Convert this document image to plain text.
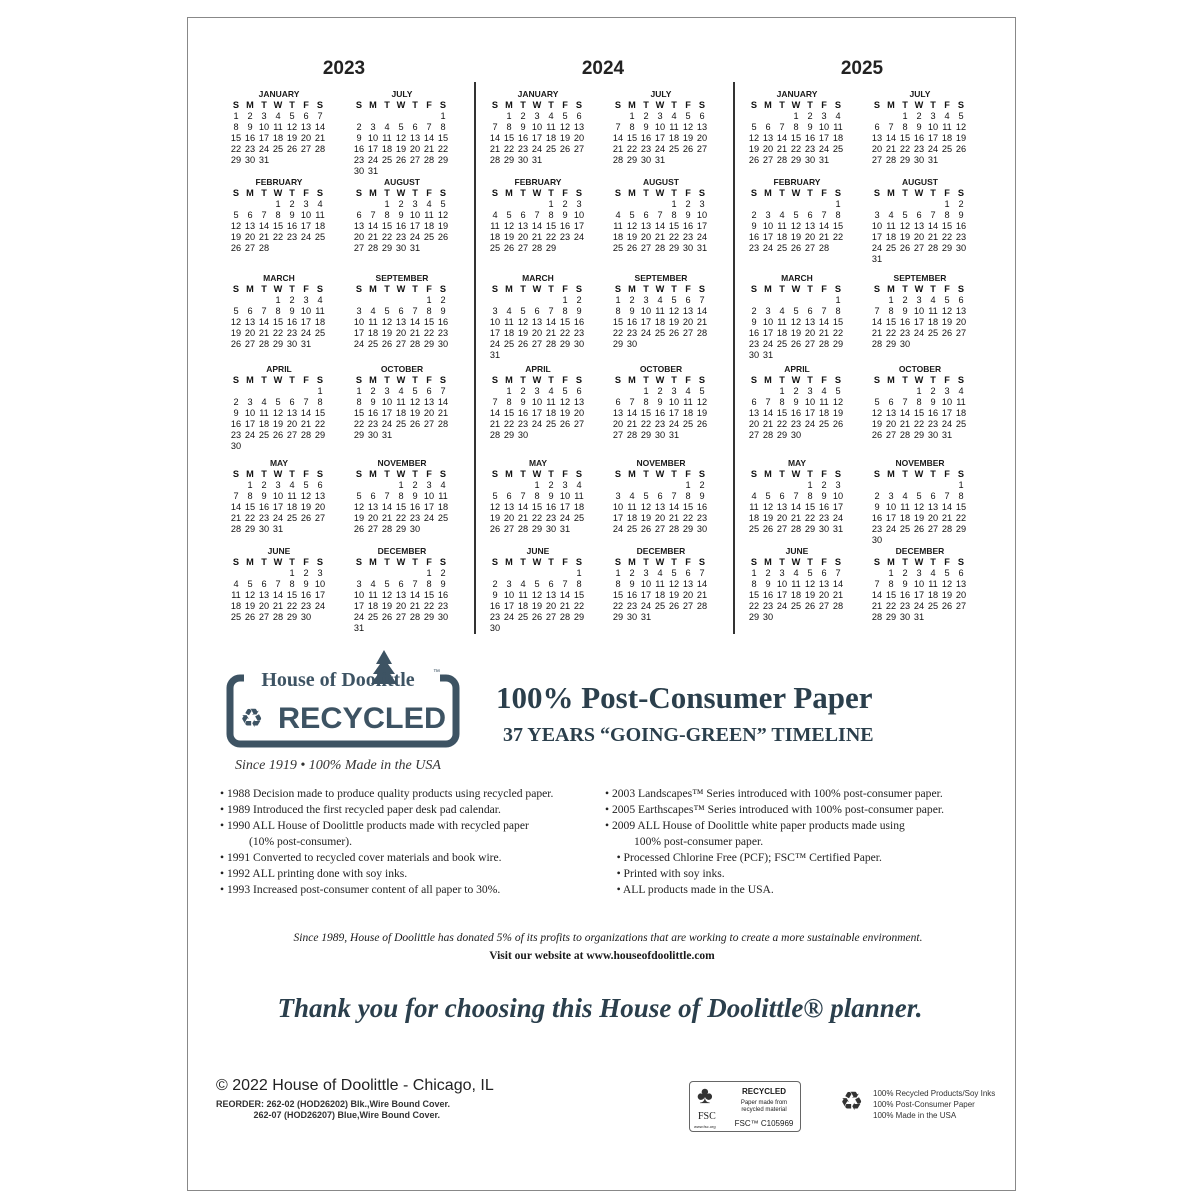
2023
JANUARY
S M T W T F S
1 2 3 4 5 6 7
8 9 10 11 12 13 14
15 16 17 18 19 20 21
22 23 24 25 26 27 28
29 30 31
FEBRUARY
S M T W T F S
1 2 3 4
5 6 7 8 9 10 11
12 13 14 15 16 17 18
19 20 21 22 23 24 25
26 27 28
MARCH
S M T W T F S
1 2 3 4
5 6 7 8 9 10 11
12 13 14 15 16 17 18
19 20 21 22 23 24 25
26 27 28 29 30 31
APRIL
S M T W T F S
1
2 3 4 5 6 7 8
9 10 11 12 13 14 15
16 17 18 19 20 21 22
23 24 25 26 27 28 29
30
MAY
S M T W T F S
1 2 3 4 5 6
7 8 9 10 11 12 13
14 15 16 17 18 19 20
21 22 23 24 25 26 27
28 29 30 31
JUNE
S M T W T F S
1 2 3
4 5 6 7 8 9 10
11 12 13 14 15 16 17
18 19 20 21 22 23 24
25 26 27 28 29 30
JULY
S M T W T F S
1
2 3 4 5 6 7 8
9 10 11 12 13 14 15
16 17 18 19 20 21 22
23 24 25 26 27 28 29
30 31
AUGUST
S M T W T F S
1 2 3 4 5
6 7 8 9 10 11 12
13 14 15 16 17 18 19
20 21 22 23 24 25 26
27 28 29 30 31
SEPTEMBER
S M T W T F S
1 2
3 4 5 6 7 8 9
10 11 12 13 14 15 16
17 18 19 20 21 22 23
24 25 26 27 28 29 30
OCTOBER
S M T W T F S
1 2 3 4 5 6 7
8 9 10 11 12 13 14
15 16 17 18 19 20 21
22 23 24 25 26 27 28
29 30 31
NOVEMBER
S M T W T F S
1 2 3 4
5 6 7 8 9 10 11
12 13 14 15 16 17 18
19 20 21 22 23 24 25
26 27 28 29 30
DECEMBER
S M T W T F S
1 2
3 4 5 6 7 8 9
10 11 12 13 14 15 16
17 18 19 20 21 22 23
24 25 26 27 28 29 30
31
2024
JANUARY
S M T W T F S
1 2 3 4 5 6
7 8 9 10 11 12 13
14 15 16 17 18 19 20
21 22 23 24 25 26 27
28 29 30 31
FEBRUARY
S M T W T F S
1 2 3
4 5 6 7 8 9 10
11 12 13 14 15 16 17
18 19 20 21 22 23 24
25 26 27 28 29
MARCH
S M T W T F S
1 2
3 4 5 6 7 8 9
10 11 12 13 14 15 16
17 18 19 20 21 22 23
24 25 26 27 28 29 30
31
APRIL
S M T W T F S
1 2 3 4 5 6
7 8 9 10 11 12 13
14 15 16 17 18 19 20
21 22 23 24 25 26 27
28 29 30
MAY
S M T W T F S
1 2 3 4
5 6 7 8 9 10 11
12 13 14 15 16 17 18
19 20 21 22 23 24 25
26 27 28 29 30 31
JUNE
S M T W T F S
1
2 3 4 5 6 7 8
9 10 11 12 13 14 15
16 17 18 19 20 21 22
23 24 25 26 27 28 29
30
JULY
S M T W T F S
1 2 3 4 5 6
7 8 9 10 11 12 13
14 15 16 17 18 19 20
21 22 23 24 25 26 27
28 29 30 31
AUGUST
S M T W T F S
1 2 3
4 5 6 7 8 9 10
11 12 13 14 15 16 17
18 19 20 21 22 23 24
25 26 27 28 29 30 31
SEPTEMBER
S M T W T F S
1 2 3 4 5 6 7
8 9 10 11 12 13 14
15 16 17 18 19 20 21
22 23 24 25 26 27 28
29 30
OCTOBER
S M T W T F S
1 2 3 4 5
6 7 8 9 10 11 12
13 14 15 16 17 18 19
20 21 22 23 24 25 26
27 28 29 30 31
NOVEMBER
S M T W T F S
1 2
3 4 5 6 7 8 9
10 11 12 13 14 15 16
17 18 19 20 21 22 23
24 25 26 27 28 29 30
DECEMBER
S M T W T F S
1 2 3 4 5 6 7
8 9 10 11 12 13 14
15 16 17 18 19 20 21
22 23 24 25 26 27 28
29 30 31
2025
JANUARY
S M T W T F S
1 2 3 4
5 6 7 8 9 10 11
12 13 14 15 16 17 18
19 20 21 22 23 24 25
26 27 28 29 30 31
FEBRUARY
S M T W T F S
1
2 3 4 5 6 7 8
9 10 11 12 13 14 15
16 17 18 19 20 21 22
23 24 25 26 27 28
MARCH
S M T W T F S
1
2 3 4 5 6 7 8
9 10 11 12 13 14 15
16 17 18 19 20 21 22
23 24 25 26 27 28 29
30 31
APRIL
S M T W T F S
1 2 3 4 5
6 7 8 9 10 11 12
13 14 15 16 17 18 19
20 21 22 23 24 25 26
27 28 29 30
MAY
S M T W T F S
1 2 3
4 5 6 7 8 9 10
11 12 13 14 15 16 17
18 19 20 21 22 23 24
25 26 27 28 29 30 31
JUNE
S M T W T F S
1 2 3 4 5 6 7
8 9 10 11 12 13 14
15 16 17 18 19 20 21
22 23 24 25 26 27 28
29 30
JULY
S M T W T F S
1 2 3 4 5
6 7 8 9 10 11 12
13 14 15 16 17 18 19
20 21 22 23 24 25 26
27 28 29 30 31
AUGUST
S M T W T F S
1 2
3 4 5 6 7 8 9
10 11 12 13 14 15 16
17 18 19 20 21 22 23
24 25 26 27 28 29 30
31
SEPTEMBER
S M T W T F S
1 2 3 4 5 6
7 8 9 10 11 12 13
14 15 16 17 18 19 20
21 22 23 24 25 26 27
28 29 30
OCTOBER
S M T W T F S
1 2 3 4
5 6 7 8 9 10 11
12 13 14 15 16 17 18
19 20 21 22 23 24 25
26 27 28 29 30 31
NOVEMBER
S M T W T F S
1
2 3 4 5 6 7 8
9 10 11 12 13 14 15
16 17 18 19 20 21 22
23 24 25 26 27 28 29
30
DECEMBER
S M T W T F S
1 2 3 4 5 6
7 8 9 10 11 12 13
14 15 16 17 18 19 20
21 22 23 24 25 26 27
28 29 30 31
House of Doolittle	™
♻ RECYCLED
Since 1919 • 100% Made in the USA
100% Post-Consumer Paper
37 YEARS “GOING-GREEN” TIMELINE
• 1988 Decision made to produce quality products using recycled paper.
• 1989 Introduced the first recycled paper desk pad calendar.
• 1990 ALL House of Doolittle products made with recycled paper
(10% post-consumer).
• 1991 Converted to recycled cover materials and book wire.
• 1992 ALL printing done with soy inks.
• 1993 Increased post-consumer content of all paper to 30%.
• 2003 Landscapes™ Series introduced with 100% post-consumer paper.
• 2005 Earthscapes™ Series introduced with 100% post-consumer paper.
• 2009 ALL House of Doolittle white paper products made using
100% post-consumer paper.
• Processed Chlorine Free (PCF); FSC™ Certified Paper.
• Printed with soy inks.
• ALL products made in the USA.
Since 1989, House of Doolittle has donated 5% of its profits to organizations that are working to create a more sustainable environment.
Visit our website at www.houseofdoolittle.com
Thank you for choosing this House of Doolittle® planner.
© 2022 House of Doolittle - Chicago, IL
REORDER: 262-02 (HOD26202) Blk.,Wire Bound Cover.
262-07 (HOD26207) Blue,Wire Bound Cover.
♣
FSC
www.fsc.org
RECYCLED
Paper made from recycled material
FSC™ C105969
♻ 100% Recycled Products/Soy Inks
100% Post-Consumer Paper
100% Made in the USA
